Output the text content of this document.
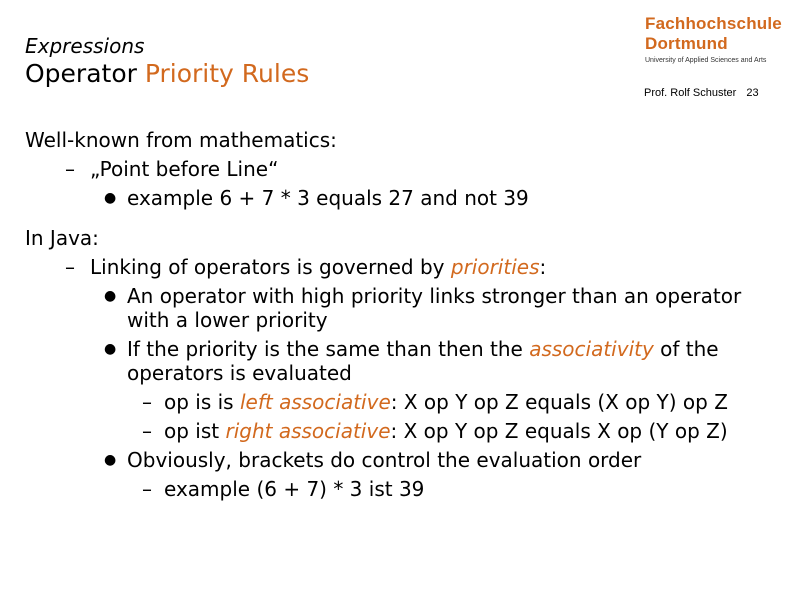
Expressions
Operator Priority Rules
Fachhochschule
Dortmund
University of Applied Sciences and Arts
Prof. Rolf Schuster 23
Well-known from mathematics:
– „Point before Line“
● example 6 + 7 * 3 equals 27 and not 39
In Java:
– Linking of operators is governed by priorities:
● An operator with high priority links stronger than an operator with a lower priority
● If the priority is the same than then the associativity of the operators is evaluated
– op is is left associative: X op Y op Z equals (X op Y) op Z
– op ist right associative: X op Y op Z equals X op (Y op Z)
● Obviously, brackets do control the evaluation order
– example (6 + 7) * 3 ist 39
